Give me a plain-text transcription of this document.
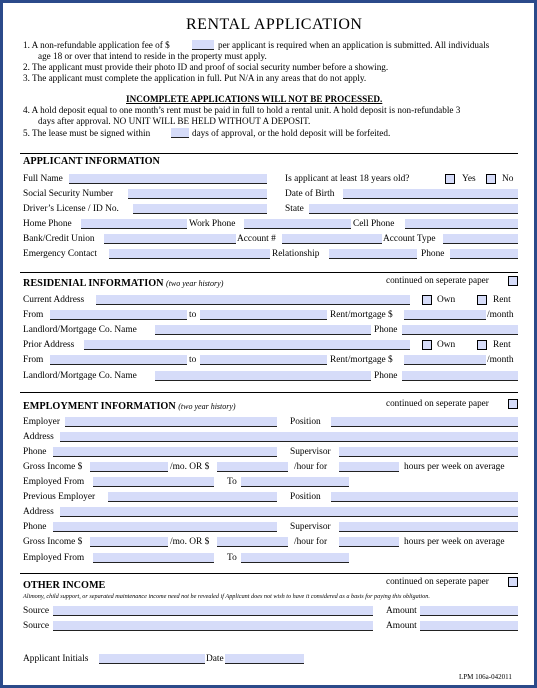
RENTAL APPLICATION
1. A non-refundable application fee of $	per applicant is required when an application is submitted. All individuals
age 18 or over that intend to reside in the property must apply.
2. The applicant must provide their photo ID and proof of social security number before a showing.
3. The applicant must complete the application in full. Put N/A in any areas that do not apply.
INCOMPLETE APPLICATIONS WILL NOT BE PROCESSED.
4. A hold deposit equal to one month’s rent must be paid in full to hold a rental unit. A hold deposit is non-refundable 3
days after approval. NO UNIT WILL BE HELD WITHOUT A DEPOSIT.
5. The lease must be signed within	days of approval, or the hold deposit will be forfeited.
APPLICANT INFORMATION
Full Name	Is applicant at least 18 years old?	Yes	No
Social Security Number	Date of Birth
Driver’s License / ID No.	State
Home Phone	Work Phone	Cell Phone
Bank/Credit Union	Account #	Account Type
Emergency Contact	Relationship	Phone
RESIDENIAL INFORMATION (two year history)	continued on seperate paper
Current Address	Own	Rent
From	to	Rent/mortgage $	/month
Landlord/Mortgage Co. Name	Phone
Prior Address	Own	Rent
From	to	Rent/mortgage $	/month
Landlord/Mortgage Co. Name	Phone
EMPLOYMENT INFORMATION (two year history)	continued on seperate paper
Employer	Position
Address
Phone	Supervisor
Gross Income $	/mo. OR $	/hour for	hours per week on average
Employed From	To
Previous Employer	Position
Address
Phone	Supervisor
Gross Income $	/mo. OR $	/hour for	hours per week on average
Employed From	To
OTHER INCOME	continued on seperate paper
Alimony, child support, or separated maintenance income need not be revealed if Applicant does not wish to have it considered as a basis for paying this obligation.
Source	Amount
Source	Amount
Applicant Initials	Date
LPM 106a-042011
